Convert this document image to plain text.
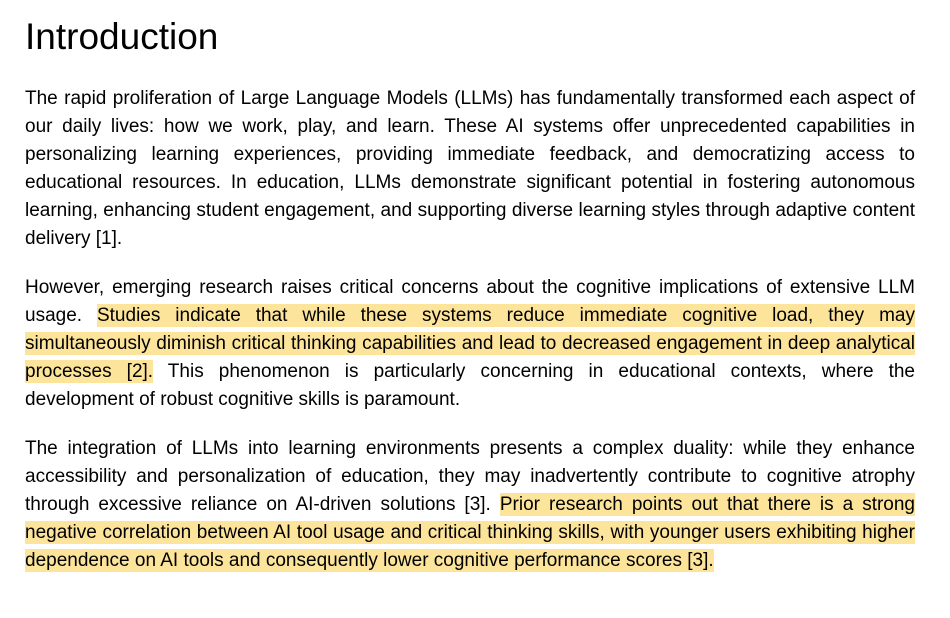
Introduction

The rapid proliferation of Large Language Models (LLMs) has fundamentally transformed each aspect of our daily lives: how we work, play, and learn. These AI systems offer unprecedented capabilities in personalizing learning experiences, providing immediate feedback, and democratizing access to educational resources. In education, LLMs demonstrate significant potential in fostering autonomous learning, enhancing student engagement, and supporting diverse learning styles through adaptive content delivery [1].

However, emerging research raises critical concerns about the cognitive implications of extensive LLM usage. Studies indicate that while these systems reduce immediate cognitive load, they may simultaneously diminish critical thinking capabilities and lead to decreased engagement in deep analytical processes [2]. This phenomenon is particularly concerning in educational contexts, where the development of robust cognitive skills is paramount.

The integration of LLMs into learning environments presents a complex duality: while they enhance accessibility and personalization of education, they may inadvertently contribute to cognitive atrophy through excessive reliance on AI-driven solutions [3]. Prior research points out that there is a strong negative correlation between AI tool usage and critical thinking skills, with younger users exhibiting higher dependence on AI tools and consequently lower cognitive performance scores [3].
